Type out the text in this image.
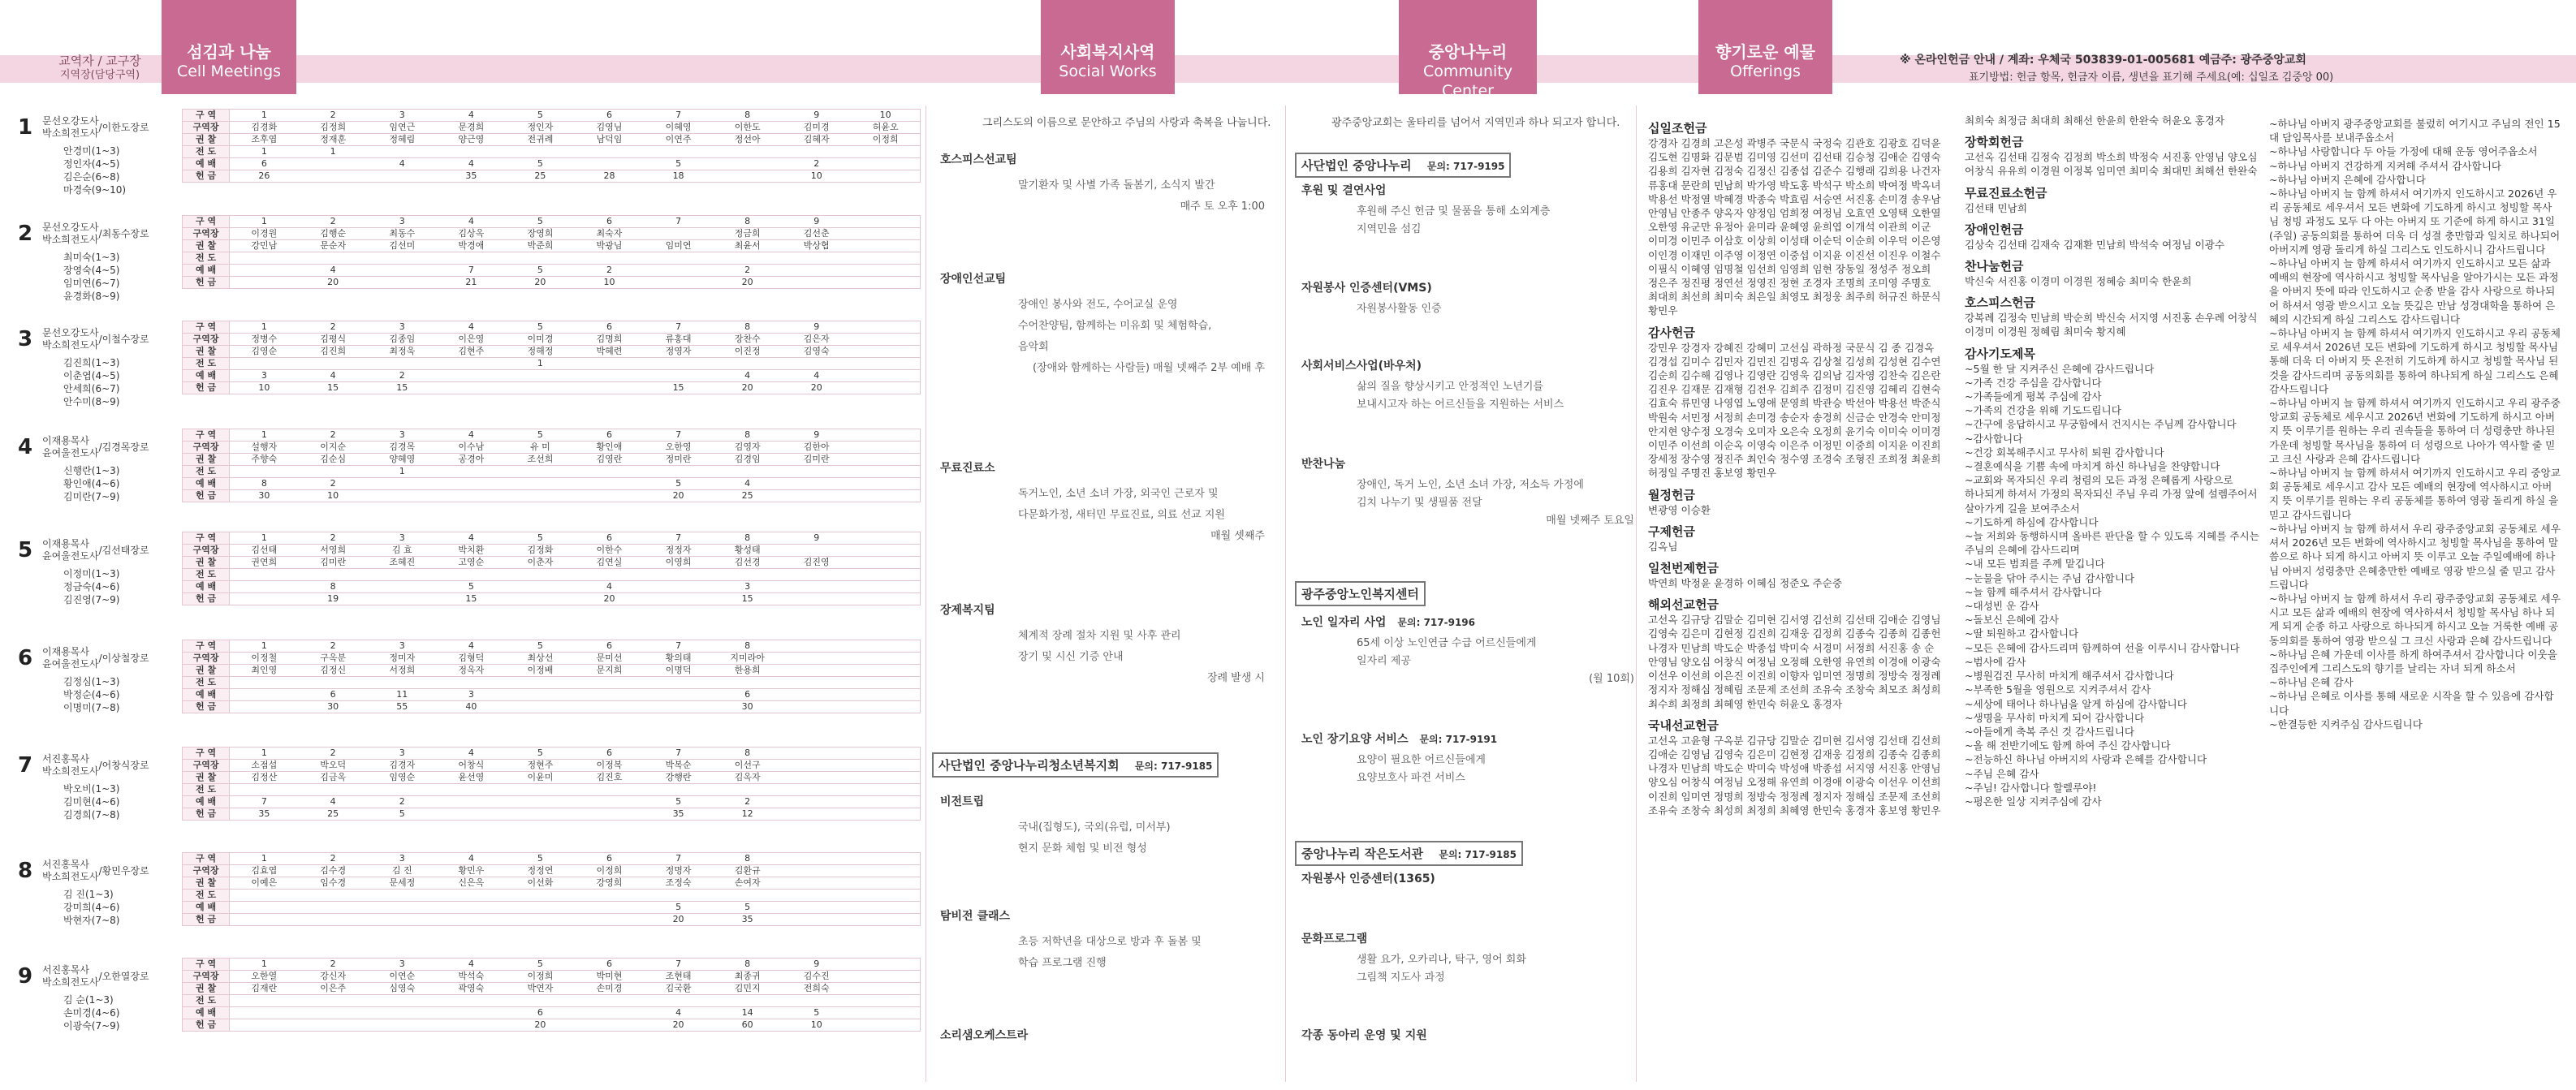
교역자 / 교구장
지역장(담당구역)
섬김과 나눔
Cell Meetings
사회복지사역
Social Works
중앙나누리
Community Center
향기로운 예물
Offerings
※ 온라인헌금 안내 / 계좌: 우체국 503839-01-005681 예금주: 광주중앙교회
표기방법: 헌금 항목, 헌금자 이름, 생년을 표기해 주세요(예: 십일조 김중앙 00)
1 문선오강도사
박소희전도사/이한도장로
안경미(1~3)
정인자(4~5)
김은순(6~8)
마경숙(9~10)
구 역	1	2	3	4	5	6	7	8	9	10
구역장	김경화	김정희	임연근	문경희	정인자	김영님	이혜영	이한도	김미경	허윤오
권 찰	조후엽	정재훈	정혜림	양근영	전귀례	남덕임	이연주	정선아	김혜자	이정희
전 도	1	1								
예 배	6		4	4	5		5		2	
헌 금	26			35	25	28	18		10	
2 문선오강도사
박소희전도사/최동수장로
최미숙(1~3)
장영숙(4~5)
임미연(6~7)
윤경화(8~9)
구 역	1	2	3	4	5	6	7	8	9	
구역장	이경원	김행순	최동수	김상옥	장영희	최숙자		정금희	김선춘	
권 찰	강민남	문순자	김선미	박경애	박준희	박광님	임미연	최윤서	박상협	
전 도										
예 배		4		7	5	2		2		
헌 금		20		21	20	10		20		
3 문선오강도사
박소희전도사/이철수장로
김진희(1~3)
이춘엽(4~5)
안세희(6~7)
안수미(8~9)
구 역	1	2	3	4	5	6	7	8	9	
구역장	정병수	김평식	김종임	이은영	이미경	김명희	류홍대	장찬수	김은자	
권 찰	김영순	김진희	최정욱	김현주	정해정	박혜련	정영자	이진정	김영숙	
전 도					1					
예 배	3	4	2					4	4	
헌 금	10	15	15				15	20	20	
4 이재용목사
윤여울전도사/김경목장로
신행란(1~3)
황인애(4~6)
김미란(7~9)
구 역	1	2	3	4	5	6	7	8	9	
구역장	설행자	이지순	김경목	이수남	유 미	황인애	오한영	김영자	김한아	
권 찰	주향숙	김순심	양혜영	공경아	조선희	김영란	정미란	김경임	김미란	
전 도			1							
예 배	8	2					5	4		
헌 금	30	10					20	25		
5 이재용목사
윤여울전도사/김선태장로
이정미(1~3)
정금숙(4~6)
김진영(7~9)
구 역	1	2	3	4	5	6	7	8	9	
구역장	김선태	서영희	김 효	박치환	김정화	이한수	정정자	황성태		
권 찰	권연희	김미란	조혜진	고영순	이춘자	김연실	이영희	김선경	김진영	
전 도										
예 배		8		5		4		3		
헌 금		19		15		20		15		
6 이재용목사
윤여울전도사/이상철장로
김정심(1~3)
박정순(4~6)
이명미(7~8)
구 역	1	2	3	4	5	6	7	8		
구역장	이정철	구옥분	정미자	김형덕	최상선	문미선	황의태	지미라아		
권 찰	최인영	김정신	서정희	정옥자	이정배	문지희	이명덕	한용희		
전 도										
예 배		6	11	3				6		
헌 금		30	55	40				30		
7 서진홍목사
박소희전도사/어창식장로
박오비(1~3)
김미현(4~6)
김경희(7~8)
구 역	1	2	3	4	5	6	7	8		
구역장	소점섭	박오덕	김경자	어창식	정현주	이정복	박복순	이선구		
권 찰	김정산	김금옥	임영순	윤선영	이윤미	김진호	강행란	김옥자		
전 도										
예 배	7	4	2				5	2		
헌 금	35	25	5				35	12		
8 서진홍목사
박소희전도사/황민우장로
김 진(1~3)
강미희(4~6)
박현자(7~8)
구 역	1	2	3	4	5	6	7	8		
구역장	김효엽	김수경	김 진	황민우	정정연	이정희	정명자	김환규		
권 찰	이예은	임수경	문세정	신은옥	이선화	강영희	조정숙	손여자		
전 도										
예 배							5	5		
헌 금							20	35		
9 서진홍목사
박소희전도사/오한열장로
김 순(1~3)
손미경(4~6)
이광숙(7~9)
구 역	1	2	3	4	5	6	7	8	9	
구역장	오한열	강신자	이연순	박석숙	이정희	박미현	조현태	최종귀	김수진	
권 찰	김재란	이은주	심영숙	곽영숙	박연자	손미경	김국환	김민지	전희숙	
전 도										
예 배					6		4	14	5	
헌 금					20		20	60	10	
그리스도의 이름으로 문안하고 주님의 사랑과 축복을 나눕니다.
호스피스선교팀
말기환자 및 사별 가족 돌봄기, 소식지 발간
매주 토 오후 1:00
장애인선교팀
장애인 봉사와 전도, 수어교실 운영
수어찬양팀, 함께하는 미유회 및 체험학습,
음악회
(장애와 함께하는 사람들) 매월 넷째주 2부 예배 후
무료진료소
독거노인, 소년 소녀 가장, 외국인 근로자 및
다문화가정, 새터민 무료진료, 의료 선교 지원
매월 셋째주
장제복지팀
체계적 장례 절차 지원 및 사후 관리
장기 및 시신 기증 안내
장례 발생 시
사단법인 중앙나누리청소년복지회 문의: 717-9185
비전트립
국내(집형도), 국외(유럽, 미서부)
현지 문화 체험 및 비전 형성
탐비전 클래스
초등 저학년을 대상으로 방과 후 돌봄 및
학습 프로그램 진행
소리샘오케스트라
광주중앙교회는 울타리를 넘어서 지역민과 하나 되고자 합니다.
사단법인 중앙나누리 문의: 717-9195
후원 및 결연사업
후원해 주신 헌금 및 물품을 통해 소외계층
지역민을 섬김
자원봉사 인증센터(VMS)
자원봉사활동 인증
사회서비스사업(바우처)
삶의 질을 향상시키고 안정적인 노년기를
보내시고자 하는 어르신들을 지원하는 서비스
반찬나눔
장애인, 독거 노인, 소년 소녀 가장, 저소득 가정에
김치 나누기 및 생필품 전달
매월 넷째주 토요일
광주중앙노인복지센터
노인 일자리 사업 문의: 717-9196
65세 이상 노인연금 수급 어르신들에게
일자리 제공
(월 10회)
노인 장기요양 서비스 문의: 717-9191
요양이 필요한 어르신들에게
요양보호사 파견 서비스
중앙나누리 작은도서관 문의: 717-9185
자원봉사 인증센터(1365)
문화프로그램
생활 요가, 오카리나, 탁구, 영어 회화
그림책 지도사 과정
각종 동아리 운영 및 지원
십일조헌금
강경자 김경희 고은성 곽병주 국문식 국정숙 김관호 김광호 김덕윤 김도현 김명화 김문범 김미영 김선미 김선태 김승청 김애순 김영숙 김용희 김자현 김정숙 김정신 김종섭 김준수 김행래 김희용 나건자 류홍대 문란희 민남희 박가영 박도홍 박석구 박소희 박여정 박옥녀 박용선 박정열 박혜경 박종숙 박효림 서승연 서진홍 손미경 송우남 안영님 안종주 양옥자 양정임 엄희정 여정님 오효연 오영택 오한열 오한영 유군만 유정아 윤미라 윤혜영 윤희엽 이개석 이관희 이군 이미경 이민주 이삼호 이상희 이성태 이순덕 이순희 이우덕 이은영 이인경 이재민 이주영 이정연 이중섭 이지윤 이진선 이진우 이철수 이필식 이혜영 임명철 임선희 임영희 임현 장동일 정성주 정오희 정은주 정진평 정연선 정영진 정현 조경자 조명희 조미영 주명호 최대희 최선희 최미숙 최은일 최영모 최정웅 최주희 허규진 하문식 황민우
감사헌금
강민우 강경자 강혜진 강혜미 고선심 곽하정 국문식 김 종 김경옥 김경섭 김미수 김민자 김민진 김명옥 김상철 김성희 김성현 김수연 김순희 김수해 김영나 김영란 김영욱 김의남 김자영 김찬숙 김은란 김진우 김재문 김재형 김전우 김희주 김정미 김진영 김혜리 김현숙 김효숙 류민영 나영엽 노영애 문영희 박관승 박선아 박용선 박준식 박원숙 서민정 서정희 손미경 송순자 송경희 신금순 안경숙 안미정 안지현 양수정 오경숙 오미자 오은숙 오정희 윤기숙 이미숙 이미경 이민주 이선희 이순옥 이영숙 이은주 이정민 이중희 이지윤 이진희 장세정 장수영 정진주 최인숙 정수영 조경숙 조형진 조희정 최윤희 허정일 주명진 홍보영 황민우
월정헌금
변광영 이승환
구제헌금
김옥님
일천번제헌금
박연희 박정윤 윤경하 이혜심 정준오 주순중
해외선교헌금
고선옥 김규당 김말순 김미현 김서영 김선희 김선태 김애순 김영님 김영숙 김은미 김현정 김진희 김재웅 김정희 김종숙 김종희 김종헌 나경자 민남희 박도순 박종섭 박미숙 서경미 서정희 서진홍 송 순 안영님 양오심 어창식 여정님 오정해 오한영 유연희 이경애 이광숙 이선우 이선희 이은진 이진희 이향자 임미연 정명희 정방숙 정정례 정지자 정해심 정혜림 조문제 조선희 조유숙 조창숙 최모조 최성희 최수희 최정희 최혜영 한민숙 허윤오 홍경자
국내선교헌금
고선옥 고윤형 구옥분 김규당 김말순 김미현 김서영 김선태 김선희 김애순 김영님 김영숙 김은미 김현정 김재웅 김정희 김종숙 김종희 나경자 민남희 박도순 박미숙 박성애 박종섭 서지영 서진홍 안영님 양오심 어창식 여정님 오정해 유연희 이경애 이광숙 이선우 이선희 이진희 임미연 정명희 정방숙 정정례 정지자 정해심 조문제 조선희 조유숙 조창숙 최성희 최정희 최혜영 한민숙 홍경자 홍보영 황민우
최희숙 최정금 최대희 최해선 한윤희 한완숙 허윤오 홍경자
장학회헌금
고선옥 김선태 김정숙 김정희 박소희 박정숙 서진홍 안영님 양오심 어창식 유유희 이경원 이정복 임미연 최미숙 최대민 최해선 한완숙
무료진료소헌금
김선태 민남희
장애인헌금
김상숙 김선태 김재숙 김재환 민남희 박석숙 여정님 이광수
찬나눔헌금
박신숙 서진홍 이경미 이경원 정혜승 최미숙 한윤희
호스피스헌금
강복례 김정숙 민남희 박순희 박신숙 서지영 서진홍 손우례 어창식 이경미 이경원 정혜림 최미숙 황지혜
감사기도제목
~5월 한 달 지켜주신 은혜에 감사드립니다
~가족 건강 주심을 감사합니다
~가족들에게 평복 주심에 감사
~가족의 건강을 위해 기도드립니다
~간구에 응답하시고 무궁함에서 건지시는 주님께 감사합니다
~감사합니다
~건강 회복해주시고 무사히 퇴원 감사합니다
~결혼예식을 기쁨 속에 마치게 하신 하나님을 찬양합니다
~교회와 목자되신 우리 청렴의 모든 과정 은혜롭게 사랑으로 하나되게 하셔서 가정의 목자되신 주님 우리 가정 앞에 설렘주어서 살아가게 길을 보여주소서
~기도하게 하심에 감사합니다
~늘 저희와 동행하시며 올바른 판단을 할 수 있도록 지혜를 주시는 주님의 은혜에 감사드리며
~내 모든 범죄를 주께 맡깁니다
~눈물을 닦아 주시는 주님 감사합니다
~늘 함께 해주셔서 감사합니다
~대성빈 운 감사
~돌보신 은혜에 감사
~딸 퇴원하고 감사합니다
~모든 은혜에 감사드리며 함께하여 선을 이루시니 감사합니다
~범사에 감사
~병원검진 무사히 마치게 해주셔서 감사합니다
~부족한 5월을 영원으로 지켜주셔서 감사
~세상에 태어나 하나님을 알게 하심에 감사합니다
~생명을 무사히 마치게 되어 감사합니다
~아들에게 축복 주신 것 감사드립니다
~올 해 전반기에도 함께 하여 주신 감사합니다
~전능하신 하나님 아버지의 사랑과 은혜를 감사합니다
~주님 은혜 감사
~주님! 감사합니다 할렐루야!
~평온한 일상 지켜주심에 감사
~하나님 아버지 광주중앙교회를 불렀히 여기시고 주님의 전인 15대 담임목사를 보내주옵소서
~하나님 사랑합니다 두 아들 가정에 대해 운동 영어주옵소서
~하나님 아버지 건강하게 지켜해 주셔서 감사합니다
~하나님 아버지 은혜에 감사합니다
~하나님 아버지 늘 함께 하셔서 여기까지 인도하시고 2026년 우리 공동체로 세우셔서 모든 변화에 기도하게 하시고 청빙할 목사님 청빙 과정도 모두 다 아는 아버지 또 기준에 하게 하시고 31일(주일) 공동의회를 통하여 더욱 더 성결 충만함과 일치로 하나되어 아버지께 영광 돌리게 하실 그리스도 인도하시니 감사드립니다
~하나님 아버지 늘 함께 하셔서 여기까지 인도하시고 모든 삶과 예배의 현장에 역사하시고 청빙할 목사님을 알아가시는 모든 과정을 아버지 뜻에 따라 인도하시고 순종 받을 감사 사랑으로 하나되어 하셔서 영광 받으시고 오늘 뜻깊은 만남 성경대학을 통하여 은혜의 시간되게 하실 그리스도 감사드립니다
~하나님 아버지 늘 함께 하셔서 여기까지 인도하시고 우리 공동체로 세우셔서 2026년 모든 변화에 기도하게 하시고 청빙할 목사님 통해 더욱 더 아버지 뜻 온전히 기도하게 하시고 청빙할 목사님 된 것을 감사드리며 공동의회를 통하여 하나되게 하실 그리스도 은혜 감사드립니다
~하나님 아버지 늘 함께 하셔서 여기까지 인도하시고 우리 광주중앙교회 공동체로 세우시고 2026년 변화에 기도하게 하시고 아버지 뜻 이루기를 원하는 우리 권속들을 통하여 더 성령충만 하나된 가운데 청빙할 목사님을 통하여 더 성령으로 나아가 역사할 줄 믿고 크신 사랑과 은혜 감사드립니다
~하나님 아버지 늘 함께 하셔서 여기까지 인도하시고 우리 중앙교회 공동체로 세우시고 감사 모든 예배의 현장에 역사하시고 아버지 뜻 이루기를 원하는 우리 공동체를 통하여 영광 돌리게 하실 을 믿고 감사드립니다
~하나님 아버지 늘 함께 하셔서 우리 광주중앙교회 공동체로 세우셔서 2026년 모든 변화에 역사하시고 청빙할 목사님을 통하여 말씀으로 하나 되게 하시고 아버지 뜻 이루고 오늘 주일예배에 하나님 아버지 성령충만 은혜충만한 예배로 영광 받으실 줄 믿고 감사드립니다
~하나님 아버지 늘 함께 하셔서 우리 광주중앙교회 공동체로 세우시고 모든 삶과 예배의 현장에 역사하셔서 청빙할 목사님 하나 되게 되게 순종 하고 사랑으로 하나되게 하시고 오늘 거룩한 예배 공동의회를 통하여 영광 받으실 그 크신 사랑과 은혜 감사드립니다
~하나님 은혜 가운데 이사를 하게 하여주셔서 감사합니다 이웃을 집주인에게 그리스도의 향기를 날리는 자녀 되게 하소서
~하나님 은혜 감사
~하나님 은혜로 이사를 통해 새로운 시작을 할 수 있음에 감사합니다
~한결등한 지켜주심 감사드립니다
